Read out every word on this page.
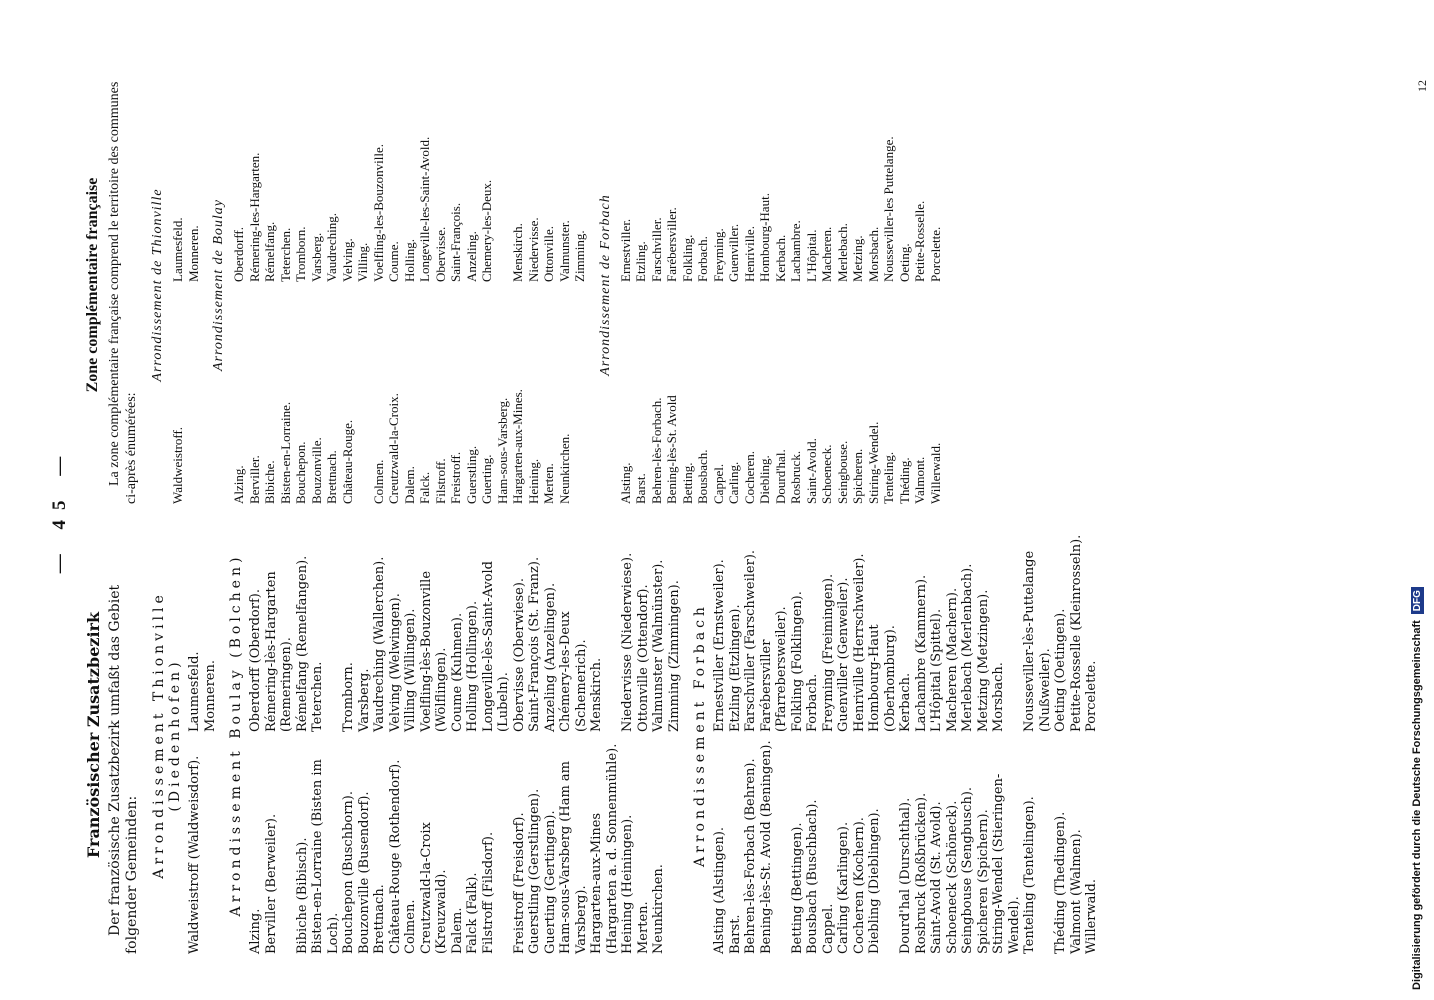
— 45 —
Französischer Zusatzbezirk Der französische Zusatzbezirk umfaßt das Gebiet folgender Gemeinden: Arrondissement Thionville (Diedenhofen)
Waldweistroff (Waldweisdorf).
Laumesfeld. Monneren. Arrondissement Boulay (Bolchen)
Alzing.
Oberdorff (Oberdorf).
Berviller (Berweiler).
Rémering-lès-Hargarten (Remeringen).
Bibiche (Bibisch).
Rémelfang (Remelfangen).
Bisten-en-Lorraine (Bisten im Loch).
Teterchen.
Bouchepon (Buschborn).
Tromborn.
Bouzonville (Busendorf).
Varsberg.
Brettnach.
Vaudreching (Wallerchen).
Château-Rouge (Rothendorf).
Velving (Welwingen).
Colmen.
Villing (Willingen).
Creutzwald-la-Croix (Kreuzwald).
Voelfling-lès-Bouzonville (Wölflingen).
Dalem.
Coume (Kuhmen).
Falck (Falk).
Holling (Hollingen).
Filstroff (Filsdorf).
Longeville-lès-Saint-Avold (Lubeln).
Freistroff (Freisdorf).
Obervisse (Oberwiese).
Guerstling (Gerstlingen).
Saint-François (St. Franz).
Guerting (Gertingen).
Anzeling (Anzelingen).
Ham-sous-Varsberg (Ham am Varsberg).
Chémery-les-Deux (Schemerich).
Hargarten-aux-Mines (Hargarten a. d. Sonnenmühle).
Menskirch.
Heining (Heiningen).
Niedervisse (Niederwiese).
Merten.
Ottonville (Ottendorf).
Neunkirchen.
Valmunster (Walmünster). Zimming (Zimmingen). Arrondissement Forbach
Alsting (Alstingen).
Ernestviller (Ernstweiler).
Barst.
Etzling (Etzlingen).
Behren-lès-Forbach (Behren).
Farschviller (Farschweiler).
Bening-lès-St. Avold (Beningen).
Farébersviller (Pfarrebersweiler).
Betting (Bettingen).
Folkling (Folklingen).
Bousbach (Buschbach).
Forbach.
Cappel.
Freyming (Freimingen).
Carling (Karlingen).
Guenviller (Genweiler).
Cocheren (Kochern).
Henriville (Herrschweiler).
Diebling (Dieblingen).
Hombourg-Haut (Oberhomburg).
Dourd'hal (Durschthal).
Kerbach.
Rosbruck (Roßbrücken).
Lachambre (Kammern).
Saint-Avold (St. Avold).
L'Hôpital (Spittel).
Schoeneck (Schöneck).
Macheren (Machern).
Seingbouse (Sengbusch).
Merlebach (Merlenbach).
Spicheren (Spichern).
Metzing (Metzingen).
Stiring-Wendel (Stieringen-Wendel).
Morsbach.
Tenteling (Tentelingen).
Nousseviller-lès-Puttelange (Nußweiler).
Théding (Thedingen).
Oeting (Oetingen).
Valmont (Walmen).
Petite-Rosselle (Kleinrosseln).
Willerwald.
Porcelette.
Zone complémentaire française La zone complémentaire française comprend le territoire des communes ci-après énumérées:

Arrondissement de Thionville
Waldweistroff.
Laumesfeld. Monneren. Arrondissement de Boulay
Alzing.
Oberdorff.
Berviller.
Rémering-les-Hargarten.
Bibiche.
Rémelfang.
Bisten-en-Lorraine.
Teterchen.
Bouchepon.
Tromborn.
Bouzonville.
Varsberg.
Brettnach.
Vaudreching.
Château-Rouge.
Velving. Villing.
Colmen.
Voelfling-les-Bouzonville.
Creutzwald-la-Croix.
Coume.
Dalem.
Holling.
Falck.
Longeville-les-Saint-Avold.
Filstroff.
Obervisse.
Freistroff.
Saint-François.
Guerstling.
Anzeling.
Guerting.
Chemery-les-Deux.
Ham-sous-Varsberg. Hargarten-aux-Mines.
Menskirch.
Heining.
Niedervisse.
Merten.
Ottonville.
Neunkirchen.
Valmunster. Zimming. Arrondissement de Forbach
Alsting.
Ernestviller.
Barst.
Etzling.
Behren-lès-Forbach.
Farschviller.
Bening-lès-St. Avold
Farébersviller.
Betting.
Folkling.
Bousbach.
Forbach.
Cappel.
Freyming.
Carling.
Guenviller.
Cocheren.
Henriville.
Diebling.
Hombourg-Haut.
Dourd'hal.
Kerbach.
Rosbruck.
Lachambre.
Saint-Avold.
L'Hôpital.
Schoeneck.
Macheren.
Seingbouse.
Merlebach.
Spicheren.
Metzing.
Stiring-Wendel.
Morsbach.
Tenteling.
Nousseviller-les Puttelange.
Théding.
Oeting.
Valmont.
Petite-Rosselle.
Willerwald.
Porcelette.
12
Digitalisierung gefördert durch die Deutsche Forschungsgemeinschaft
DFG
